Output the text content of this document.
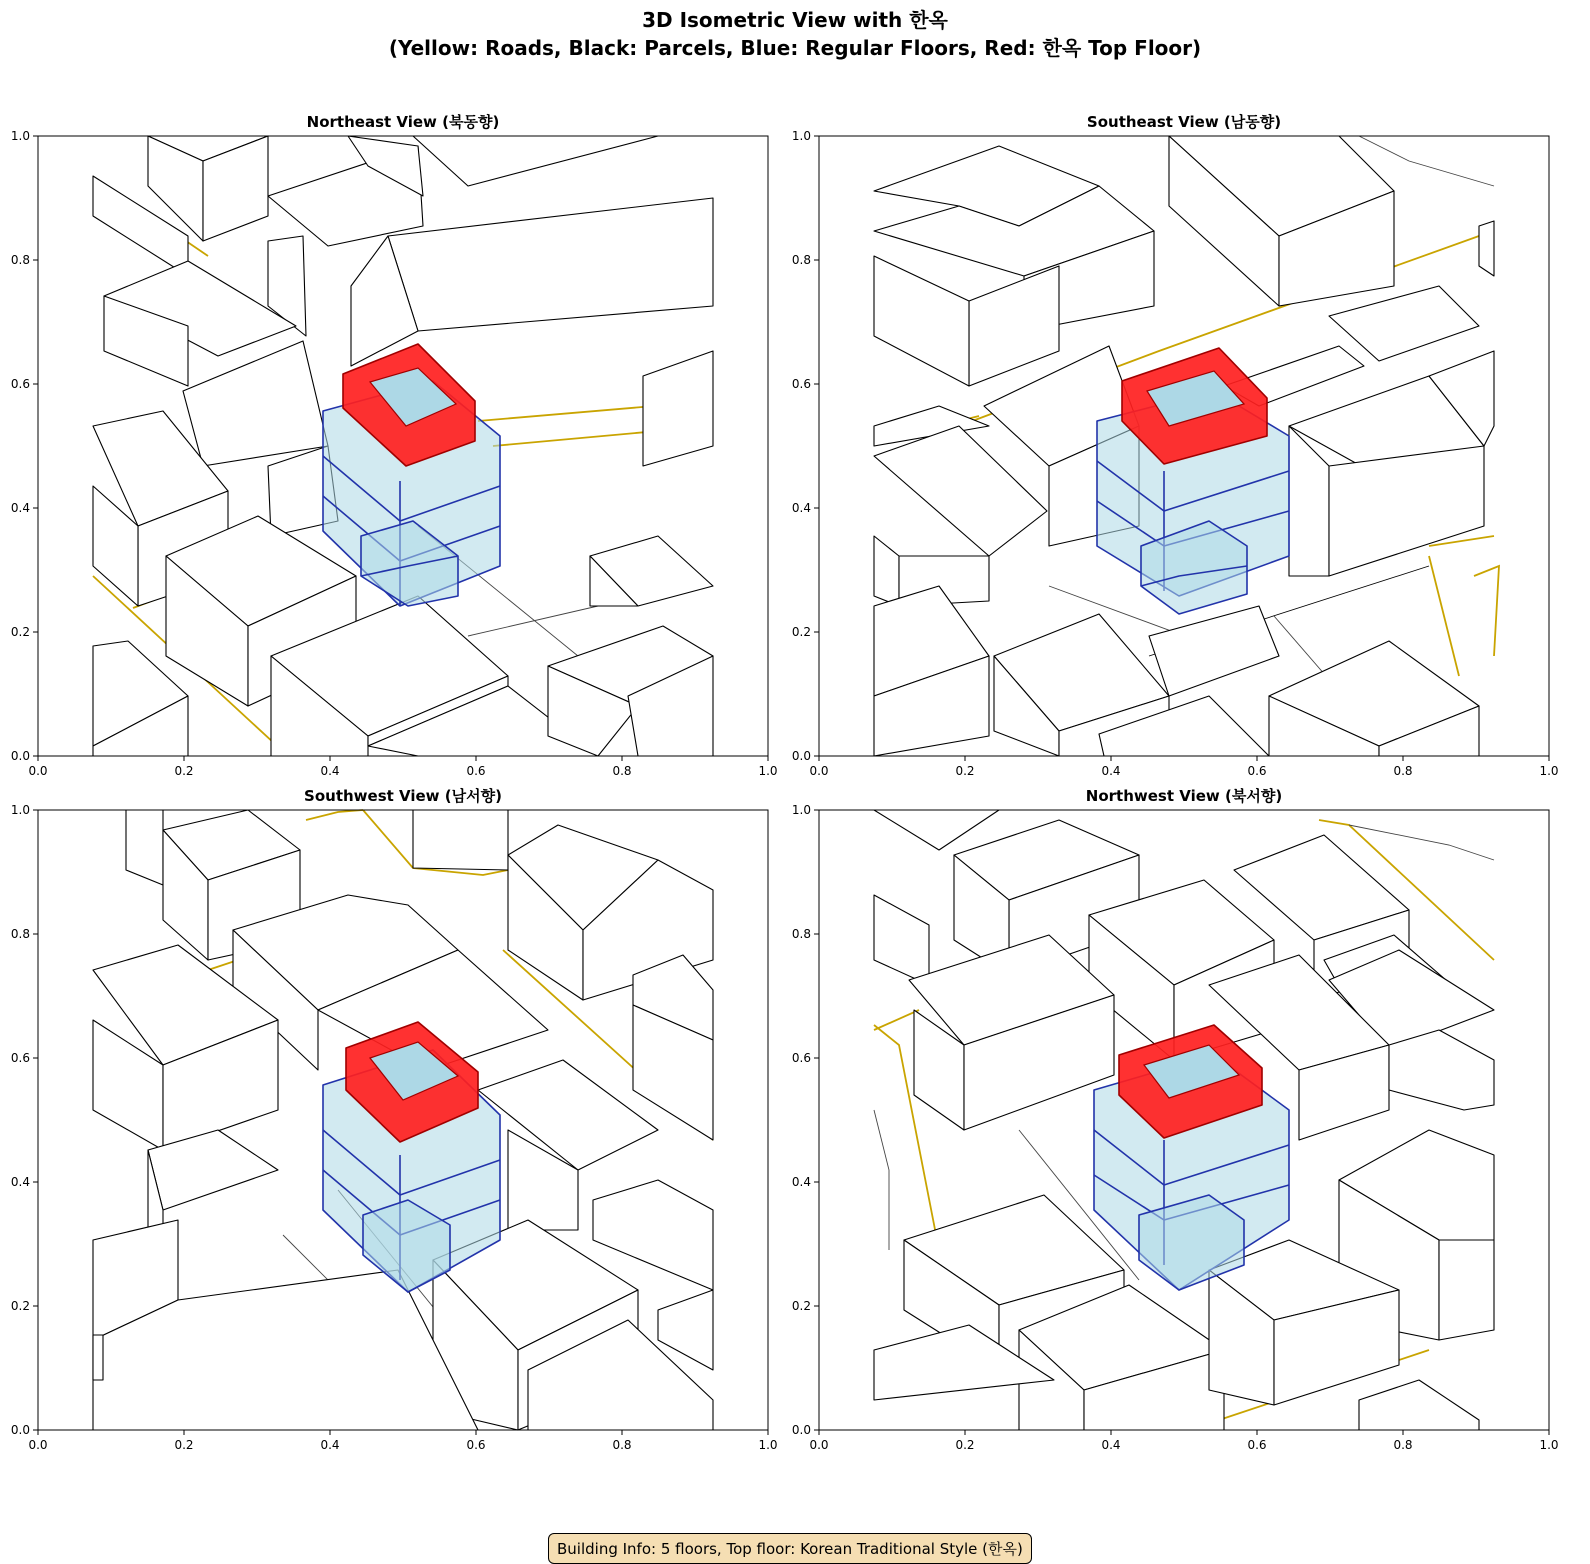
3D Isometric View with 한옥
(Yellow: Roads, Black: Parcels, Blue: Regular Floors, Red: 한옥 Top Floor)
Northeast View (북동향)	Southeast View (남동향)
Southwest View (남서향)	Northwest View (북서향)
0.0	0.2	0.4	0.6	0.8	1.0
0.0
0.2
0.4
0.6
0.8
1.0
0.0	0.2	0.4	0.6	0.8	1.0
0.0
0.2
0.4
0.6
0.8
1.0
0.0	0.2	0.4	0.6	0.8	1.0
0.0
0.2
0.4
0.6
0.8
1.0
0.0	0.2	0.4	0.6	0.8	1.0
0.0
0.2
0.4
0.6
0.8
1.0
Building Info: 5 floors, Top floor: Korean Traditional Style (한옥)
